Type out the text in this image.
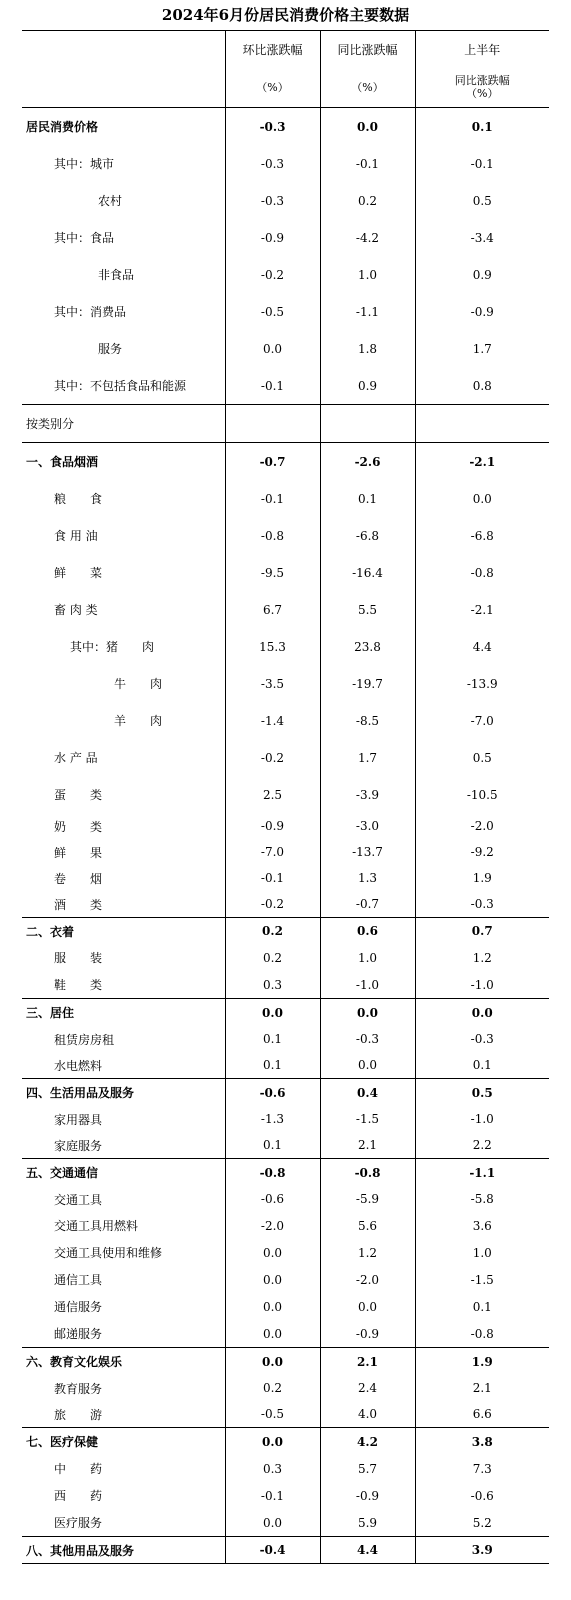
2024年6月份居民消费价格主要数据
	环比涨跌幅	同比涨跌幅	上半年
	（%）	（%）	同比涨跌幅
（%）

居民消费价格	-0.3	0.0	0.1
其中：城市	-0.3	-0.1	-0.1
农村	-0.3	0.2	0.5
其中：食品	-0.9	-4.2	-3.4
非食品	-0.2	1.0	0.9
其中：消费品	-0.5	-1.1	-0.9
服务	0.0	1.8	1.7
其中：不包括食品和能源	-0.1	0.9	0.8
按类别分			
一、食品烟酒	-0.7	-2.6	-2.1
粮　　食	-0.1	0.1	0.0
食 用 油	-0.8	-6.8	-6.8
鲜　　菜	-9.5	-16.4	-0.8
畜 肉 类	6.7	5.5	-2.1
其中：猪　　肉	15.3	23.8	4.4
牛　　肉	-3.5	-19.7	-13.9
羊　　肉	-1.4	-8.5	-7.0
水 产 品	-0.2	1.7	0.5
蛋　　类	2.5	-3.9	-10.5
奶　　类	-0.9	-3.0	-2.0
鲜　　果	-7.0	-13.7	-9.2
卷　　烟	-0.1	1.3	1.9
酒　　类	-0.2	-0.7	-0.3
二、衣着	0.2	0.6	0.7
服　　装	0.2	1.0	1.2
鞋　　类	0.3	-1.0	-1.0
三、居住	0.0	0.0	0.0
租赁房房租	0.1	-0.3	-0.3
水电燃料	0.1	0.0	0.1
四、生活用品及服务	-0.6	0.4	0.5
家用器具	-1.3	-1.5	-1.0
家庭服务	0.1	2.1	2.2
五、交通通信	-0.8	-0.8	-1.1
交通工具	-0.6	-5.9	-5.8
交通工具用燃料	-2.0	5.6	3.6
交通工具使用和维修	0.0	1.2	1.0
通信工具	0.0	-2.0	-1.5
通信服务	0.0	0.0	0.1
邮递服务	0.0	-0.9	-0.8
六、教育文化娱乐	0.0	2.1	1.9
教育服务	0.2	2.4	2.1
旅　　游	-0.5	4.0	6.6
七、医疗保健	0.0	4.2	3.8
中　　药	0.3	5.7	7.3
西　　药	-0.1	-0.9	-0.6
医疗服务	0.0	5.9	5.2
八、其他用品及服务	-0.4	4.4	3.9
